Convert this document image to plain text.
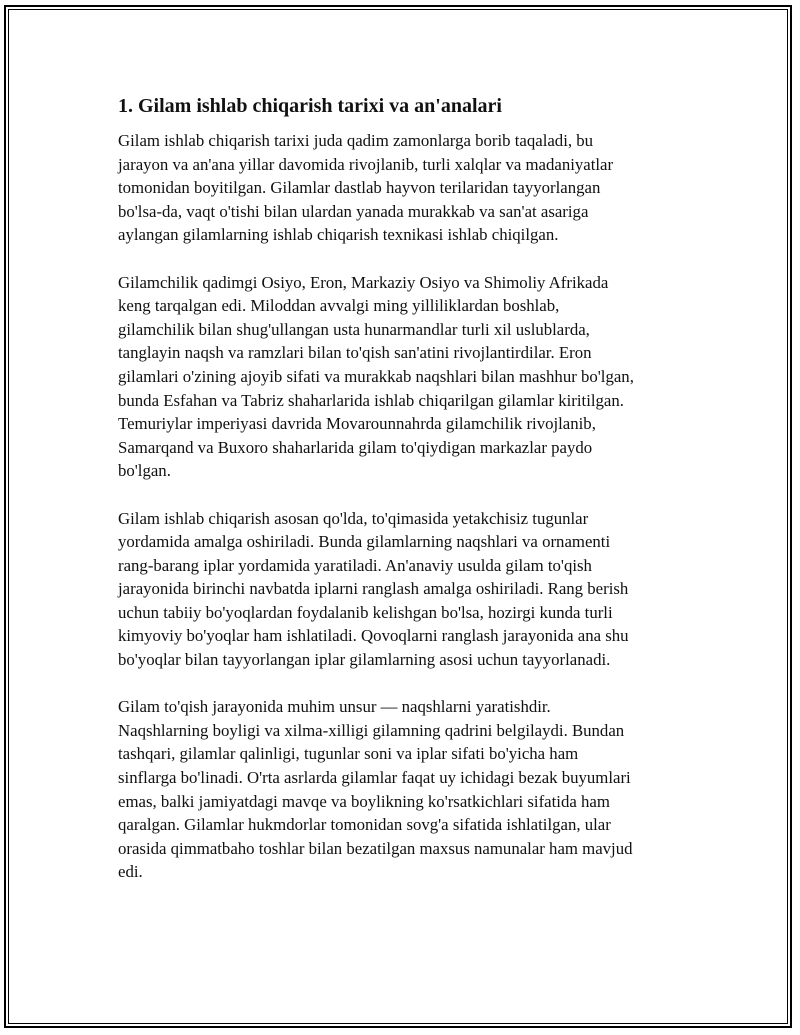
1. Gilam ishlab chiqarish tarixi va an'analari

Gilam ishlab chiqarish tarixi juda qadim zamonlarga borib taqaladi, bu
jarayon va an'ana yillar davomida rivojlanib, turli xalqlar va madaniyatlar
tomonidan boyitilgan. Gilamlar dastlab hayvon terilaridan tayyorlangan
bo'lsa-da, vaqt o'tishi bilan ulardan yanada murakkab va san'at asariga
aylangan gilamlarning ishlab chiqarish texnikasi ishlab chiqilgan.

Gilamchilik qadimgi Osiyo, Eron, Markaziy Osiyo va Shimoliy Afrikada
keng tarqalgan edi. Miloddan avvalgi ming yilliliklardan boshlab,
gilamchilik bilan shug'ullangan usta hunarmandlar turli xil uslublarda,
tanglayin naqsh va ramzlari bilan to'qish san'atini rivojlantirdilar. Eron
gilamlari o'zining ajoyib sifati va murakkab naqshlari bilan mashhur bo'lgan,
bunda Esfahan va Tabriz shaharlarida ishlab chiqarilgan gilamlar kiritilgan.
Temuriylar imperiyasi davrida Movarounnahrda gilamchilik rivojlanib,
Samarqand va Buxoro shaharlarida gilam to'qiydigan markazlar paydo
bo'lgan.

Gilam ishlab chiqarish asosan qo'lda, to'qimasida yetakchisiz tugunlar
yordamida amalga oshiriladi. Bunda gilamlarning naqshlari va ornamenti
rang-barang iplar yordamida yaratiladi. An'anaviy usulda gilam to'qish
jarayonida birinchi navbatda iplarni ranglash amalga oshiriladi. Rang berish
uchun tabiiy bo'yoqlardan foydalanib kelishgan bo'lsa, hozirgi kunda turli
kimyoviy bo'yoqlar ham ishlatiladi. Qovoqlarni ranglash jarayonida ana shu
bo'yoqlar bilan tayyorlangan iplar gilamlarning asosi uchun tayyorlanadi.

Gilam to'qish jarayonida muhim unsur — naqshlarni yaratishdir.
Naqshlarning boyligi va xilma-xilligi gilamning qadrini belgilaydi. Bundan
tashqari, gilamlar qalinligi, tugunlar soni va iplar sifati bo'yicha ham
sinflarga bo'linadi. O'rta asrlarda gilamlar faqat uy ichidagi bezak buyumlari
emas, balki jamiyatdagi mavqe va boylikning ko'rsatkichlari sifatida ham
qaralgan. Gilamlar hukmdorlar tomonidan sovg'a sifatida ishlatilgan, ular
orasida qimmatbaho toshlar bilan bezatilgan maxsus namunalar ham mavjud
edi.
